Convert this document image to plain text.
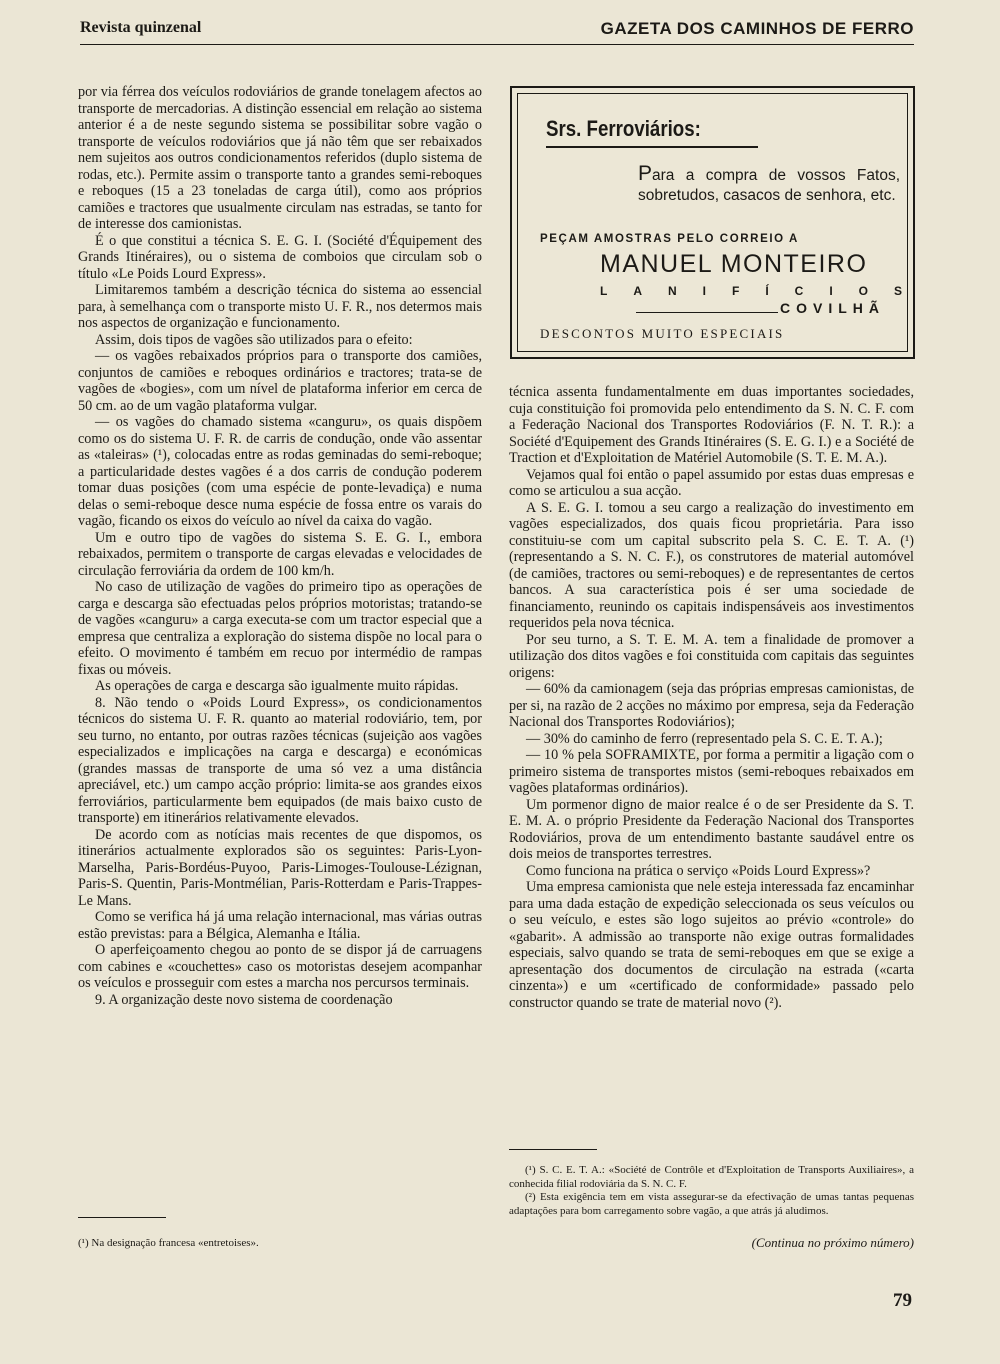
Revista quinzenal	GAZETA DOS CAMINHOS DE FERRO

por via férrea dos veículos rodoviários de grande tonelagem afectos ao transporte de mercadorias. A distinção essencial em relação ao sistema anterior é a de neste segundo sistema se possibilitar sobre vagão o transporte de veículos rodoviários que já não têm que ser rebaixados nem sujeitos aos outros condicionamentos referidos (duplo sistema de rodas, etc.). Permite assim o transporte tanto a grandes semi-reboques e reboques (15 a 23 toneladas de carga útil), como aos próprios camiões e tractores que usualmente circulam nas estradas, se tanto for de interesse dos camionistas.

É o que constitui a técnica S. E. G. I. (Société d'Équipement des Grands Itinéraires), ou o sistema de comboios que circulam sob o título «Le Poids Lourd Express».

Limitaremos também a descrição técnica do sistema ao essencial para, à semelhança com o transporte misto U. F. R., nos determos mais nos aspectos de organização e funcionamento.

Assim, dois tipos de vagões são utilizados para o efeito:

— os vagões rebaixados próprios para o transporte dos camiões, conjuntos de camiões e reboques ordinários e tractores; trata-se de vagões de «bogies», com um nível de plataforma inferior em cerca de 50 cm. ao de um vagão plataforma vulgar.

— os vagões do chamado sistema «canguru», os quais dispõem como os do sistema U. F. R. de carris de condução, onde vão assentar as «taleiras» (¹), colocadas entre as rodas geminadas do semi-reboque; a particularidade destes vagões é a dos carris de condução poderem tomar duas posições (com uma espécie de ponte-levadiça) e numa delas o semi-reboque desce numa espécie de fossa entre os varais do vagão, ficando os eixos do veículo ao nível da caixa do vagão.

Um e outro tipo de vagões do sistema S. E. G. I., embora rebaixados, permitem o transporte de cargas elevadas e velocidades de circulação ferroviária da ordem de 100 km/h.

No caso de utilização de vagões do primeiro tipo as operações de carga e descarga são efectuadas pelos próprios motoristas; tratando-se de vagões «canguru» a carga executa-se com um tractor especial que a empresa que centraliza a exploração do sistema dispõe no local para o efeito. O movimento é também em recuo por intermédio de rampas fixas ou móveis.

As operações de carga e descarga são igualmente muito rápidas.

8. Não tendo o «Poids Lourd Express», os condicionamentos técnicos do sistema U. F. R. quanto ao material rodoviário, tem, por seu turno, no entanto, por outras razões técnicas (sujeição aos vagões especializados e implicações na carga e descarga) e económicas (grandes massas de transporte de uma só vez a uma distância apreciável, etc.) um campo acção próprio: limita-se aos grandes eixos ferroviários, particularmente bem equipados (de mais baixo custo de transporte) em itinerários relativamente elevados.

De acordo com as notícias mais recentes de que dispomos, os itinerários actualmente explorados são os seguintes: Paris-Lyon-Marselha, Paris-Bordéus-Puyoo, Paris-Limoges-Toulouse-Lézignan, Paris-S. Quentin, Paris-Montmélian, Paris-Rotterdam e Paris-Trappes-Le Mans.

Como se verifica há já uma relação internacional, mas várias outras estão previstas: para a Bélgica, Alemanha e Itália.

O aperfeiçoamento chegou ao ponto de se dispor já de carruagens com cabines e «couchettes» caso os motoristas desejem acompanhar os veículos e prosseguir com estes a marcha nos percursos terminais.

9. A organização deste novo sistema de coordenação

Srs. Ferroviários:
Para a compra de vossos Fatos, sobretudos, casacos de senhora, etc.
PEÇAM AMOSTRAS PELO CORREIO A
MANUEL MONTEIRO
LANIFÍCIOS
COVILHÃ
DESCONTOS MUITO ESPECIAIS

técnica assenta fundamentalmente em duas importantes sociedades, cuja constituição foi promovida pelo entendimento da S. N. C. F. com a Federação Nacional dos Transportes Rodoviários (F. N. T. R.): a Société d'Equipement des Grands Itinéraires (S. E. G. I.) e a Société de Traction et d'Exploitation de Matériel Automobile (S. T. E. M. A.).

Vejamos qual foi então o papel assumido por estas duas empresas e como se articulou a sua acção.

A S. E. G. I. tomou a seu cargo a realização do investimento em vagões especializados, dos quais ficou proprietária. Para isso constituiu-se com um capital subscrito pela S. C. E. T. A. (¹) (representando a S. N. C. F.), os construtores de material automóvel (de camiões, tractores ou semi-reboques) e de representantes de certos bancos. A sua característica pois é ser uma sociedade de financiamento, reunindo os capitais indispensáveis aos investimentos requeridos pela nova técnica.

Por seu turno, a S. T. E. M. A. tem a finalidade de promover a utilização dos ditos vagões e foi constituida com capitais das seguintes origens:

— 60% da camionagem (seja das próprias empresas camionistas, de per si, na razão de 2 acções no máximo por empresa, seja da Federação Nacional dos Transportes Rodoviários);

— 30% do caminho de ferro (representado pela S. C. E. T. A.);

— 10 % pela SOFRAMIXTE, por forma a permitir a ligação com o primeiro sistema de transportes mistos (semi-reboques rebaixados em vagões plataformas ordinários).

Um pormenor digno de maior realce é o de ser Presidente da S. T. E. M. A. o próprio Presidente da Federação Nacional dos Transportes Rodoviários, prova de um entendimento bastante saudável entre os dois meios de transportes terrestres.

Como funciona na prática o serviço «Poids Lourd Express»?

Uma empresa camionista que nele esteja interessada faz encaminhar para uma dada estação de expedição seleccionada os seus veículos ou o seu veículo, e estes são logo sujeitos ao prévio «controle» do «gabarit». A admissão ao transporte não exige outras formalidades especiais, salvo quando se trata de semi-reboques em que se exige a apresentação dos documentos de circulação na estrada («carta cinzenta») e um «certificado de conformidade» passado pelo constructor quando se trate de material novo (²).

(¹) Na designação francesa «entretoises».

(¹) S. C. E. T. A.: «Société de Contrôle et d'Exploitation de Transports Auxiliaires», a conhecida filial rodoviária da S. N. C. F.

(²) Esta exigência tem em vista assegurar-se da efectivação de umas tantas pequenas adaptações para bom carregamento sobre vagão, a que atrás já aludimos.

(Continua no próximo número)
79
